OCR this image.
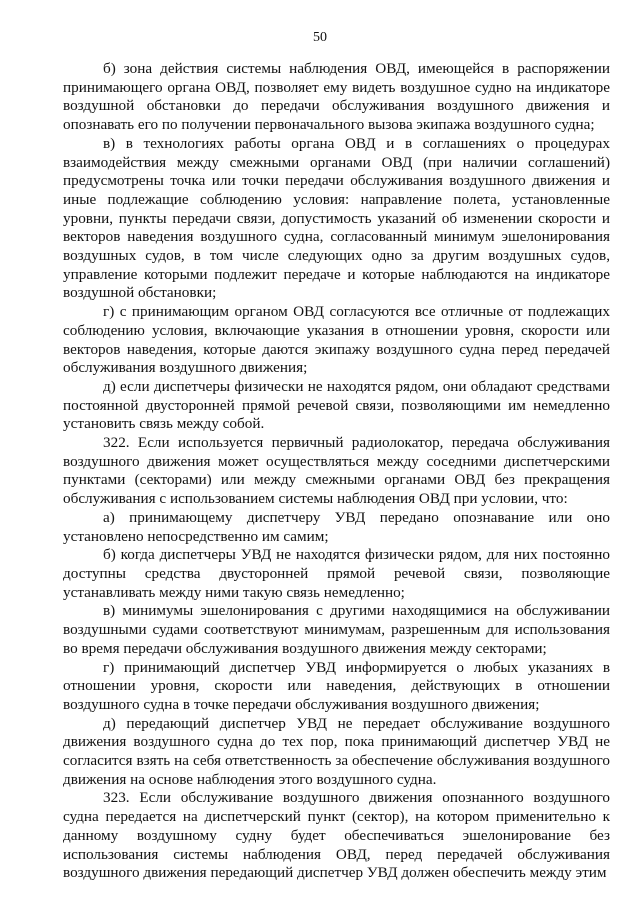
50

б) зона действия системы наблюдения ОВД, имеющейся в распоряжении принимающего органа ОВД, позволяет ему видеть воздушное судно на индикаторе воздушной обстановки до передачи обслуживания воздушного движения и опознавать его по получении первоначального вызова экипажа воздушного судна;

в) в технологиях работы органа ОВД и в соглашениях о процедурах взаимодействия между смежными органами ОВД (при наличии соглашений) предусмотрены точка или точки передачи обслуживания воздушного движения и иные подлежащие соблюдению условия: направление полета, установленные уровни, пункты передачи связи, допустимость указаний об изменении скорости и векторов наведения воздушного судна, согласованный минимум эшелонирования воздушных судов, в том числе следующих одно за другим воздушных судов, управление которыми подлежит передаче и которые наблюдаются на индикаторе воздушной обстановки;

г) с принимающим органом ОВД согласуются все отличные от подлежащих соблюдению условия, включающие указания в отношении уровня, скорости или векторов наведения, которые даются экипажу воздушного судна перед передачей обслуживания воздушного движения;

д) если диспетчеры физически не находятся рядом, они обладают средствами постоянной двусторонней прямой речевой связи, позволяющими им немедленно установить связь между собой.

322. Если используется первичный радиолокатор, передача обслуживания воздушного движения может осуществляться между соседними диспетчерскими пунктами (секторами) или между смежными органами ОВД без прекращения обслуживания с использованием системы наблюдения ОВД при условии, что:

а) принимающему диспетчеру УВД передано опознавание или оно установлено непосредственно им самим;

б) когда диспетчеры УВД не находятся физически рядом, для них постоянно доступны средства двусторонней прямой речевой связи, позволяющие устанавливать между ними такую связь немедленно;

в) минимумы эшелонирования с другими находящимися на обслуживании воздушными судами соответствуют минимумам, разрешенным для использования во время передачи обслуживания воздушного движения между секторами;

г) принимающий диспетчер УВД информируется о любых указаниях в отношении уровня, скорости или наведения, действующих в отношении воздушного судна в точке передачи обслуживания воздушного движения;

д) передающий диспетчер УВД не передает обслуживание воздушного движения воздушного судна до тех пор, пока принимающий диспетчер УВД не согласится взять на себя ответственность за обеспечение обслуживания воздушного движения на основе наблюдения этого воздушного судна.

323. Если обслуживание воздушного движения опознанного воздушного судна передается на диспетчерский пункт (сектор), на котором применительно к данному воздушному судну будет обеспечиваться эшелонирование без использования системы наблюдения ОВД, перед передачей обслуживания воздушного движения передающий диспетчер УВД должен обеспечить между этим
